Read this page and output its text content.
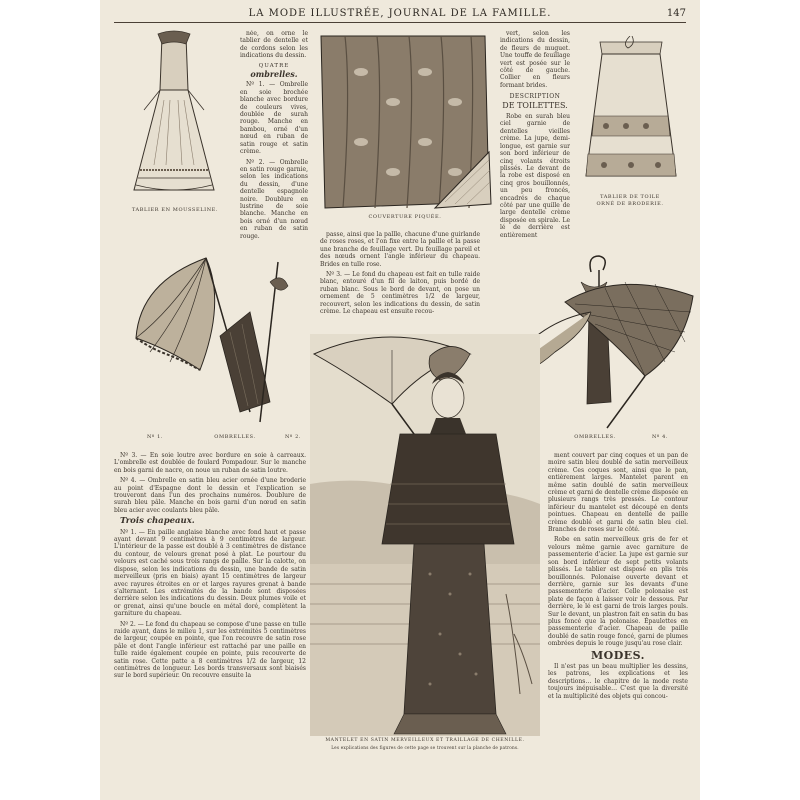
LA MODE ILLUSTRÉE, JOURNAL DE LA FAMILLE.	147
TABLIER EN MOUSSELINE.

née, on orne le tablier de dentelle et de cordons selon les indications du dessin.

QUATRE
ombrelles.

Nº 1. — Ombrelle en soie brochée blanche avec bordure de couleurs vives, doublée de surah rouge. Manche en bambou, orné d'un nœud en ruban de satin rouge et satin crème.

Nº 2. — Ombrelle en satin rouge garnie, selon les indications du dessin, d'une dentelle espagnole noire. Doublure en lustrine de soie blanche. Manche en bois orné d'un nœud en ruban de satin rouge.

COUVERTURE PIQUÉE.

vert, selon les indications du dessin, de fleurs de muguet. Une touffe de feuillage vert est posée sur le côté de gauche. Collier en fleurs formant brides.

DESCRIPTION
DE TOILETTES.

Robe en surah bleu ciel garnie de dentelles vieilles crème. La jupe, demi-longue, est garnie sur son bord inférieur de cinq volants étroits plissés. Le devant de la robe est disposé en cinq gros bouillonnés, un peu froncés, encadrés de chaque côté par une quille de large dentelle crème disposée en spirale. Le lé de derrière est entièrement

TABLIER DE TOILE
ORNÉ DE BRODERIE.

passe, ainsi que la pallle, chacune d'une guirlande de roses roses, et l'on fixe entre la pallle et la passe une branche de feuillage vert. Du feuillage pareil et des nœuds ornent l'angle inférieur du chapeau. Brides en tulle rose.

Nº 3. — Le fond du chapeau est fait en tulle raide blanc, entouré d'un fil de laiton, puis bordé de ruban blanc. Sous le bord de devant, on pose un ornement de 5 centimètres 1/2 de largeur, recouvert, selon les indications du dessin, de satin crème. Le chapeau est ensuite recou-

Nº 1.	OMBRELLES.	Nº 2.	OMBRELLES.	Nº 4.
MANTELET EN SATIN MERVEILLEUX ET TRAILLAGE DE CHENILLE.
Les explications des figures de cette page se trouvent sur la planche de patrons.

Nº 3. — En soie loutre avec bordure en soie à carreaux. L'ombrelle est doublée de foulard Pompadour. Sur le manche en bois garni de nacre, on noue un ruban de satin loutre.

Nº 4. — Ombrelle en satin bleu acier ornée d'une broderie au point d'Espagne dont le dessin et l'explication se trouveront dans l'un des prochains numéros. Doublure de surah bleu pâle. Manche en bois garni d'un nœud en satin bleu acier avec coulants bleu pâle.

Trois chapeaux.

Nº 1. — En paille anglaise blanche avec fond haut et passe ayant devant 9 centimètres à 9 centimètres de largeur. L'intérieur de la passe est doublé à 3 centimètres de distance du contour, de velours grenat posé à plat. Le pourtour du velours est caché sous trois rangs de paille. Sur la calotte, on dispose, selon les indications du dessin, une bande de satin merveilleux (pris en biais) ayant 15 centimètres de largeur avec rayures étroites en or et larges rayures grenat à bande s'alternant. Les extrémités de la bande sont disposées derrière selon les indications du dessin. Deux plumes voile et or grenat, ainsi qu'une boucle en métal doré, complètent la garniture du chapeau.

Nº 2. — Le fond du chapeau se compose d'une passe en tulle raide ayant, dans le milieu 1, sur les extrémités 5 centimètres de largeur, coupée en pointe, que l'on recouvre de satin rose pâle et dont l'angle inférieur est rattaché par une paille en tulle raide également coupée en pointe, puis recouverte de satin rose. Cette patte a 8 centimètres 1/2 de largeur, 12 centimètres de longueur. Les bords transversaux sont biaisés sur le bord supérieur. On recouvre ensuite la

ment couvert par cinq coques et un pan de moire satin bleu doublé de satin merveilleux crème. Ces coques sont, ainsi que le pan, entièrement larges. Mantelet parent en même satin doublé de satin merveilleux crème et garni de dentelle crème disposée en plusieurs rangs très pressés. Le contour inférieur du mantelet est découpé en dents pointues. Chapeau en dentelle de paille crème doublé et garni de satin bleu ciel. Branches de roses sur le côté.

Robe en satin merveilleux gris de fer et velours même garnie avec garniture de passementerie d'acier. La jupe est garnie sur son bord inférieur de sept petits volants plissés. Le tablier est disposé en plis très bouillonnés. Polonaise ouverte devant et derrière, garnie sur les devants d'une passementerie d'acier. Celle polonaise est plate de façon à laisser voir le dessous. Par derrière, le lé est garni de trois larges pouls. Sur le devant, un plastron fait en satin du bas plus foncé que la polonaise. Épaulettes en passementerie d'acier. Chapeau de paille doublé de satin rouge foncé, garni de plumes ombrées depuis le rouge jusqu'au rose clair.

MODES.

Il n'est pas un beau multiplier les dessins, les patrons, les explications et les descriptions… le chapitre de la mode reste toujours inépuisable… C'est que la diversité et la multiplicité des objets qui concou-
